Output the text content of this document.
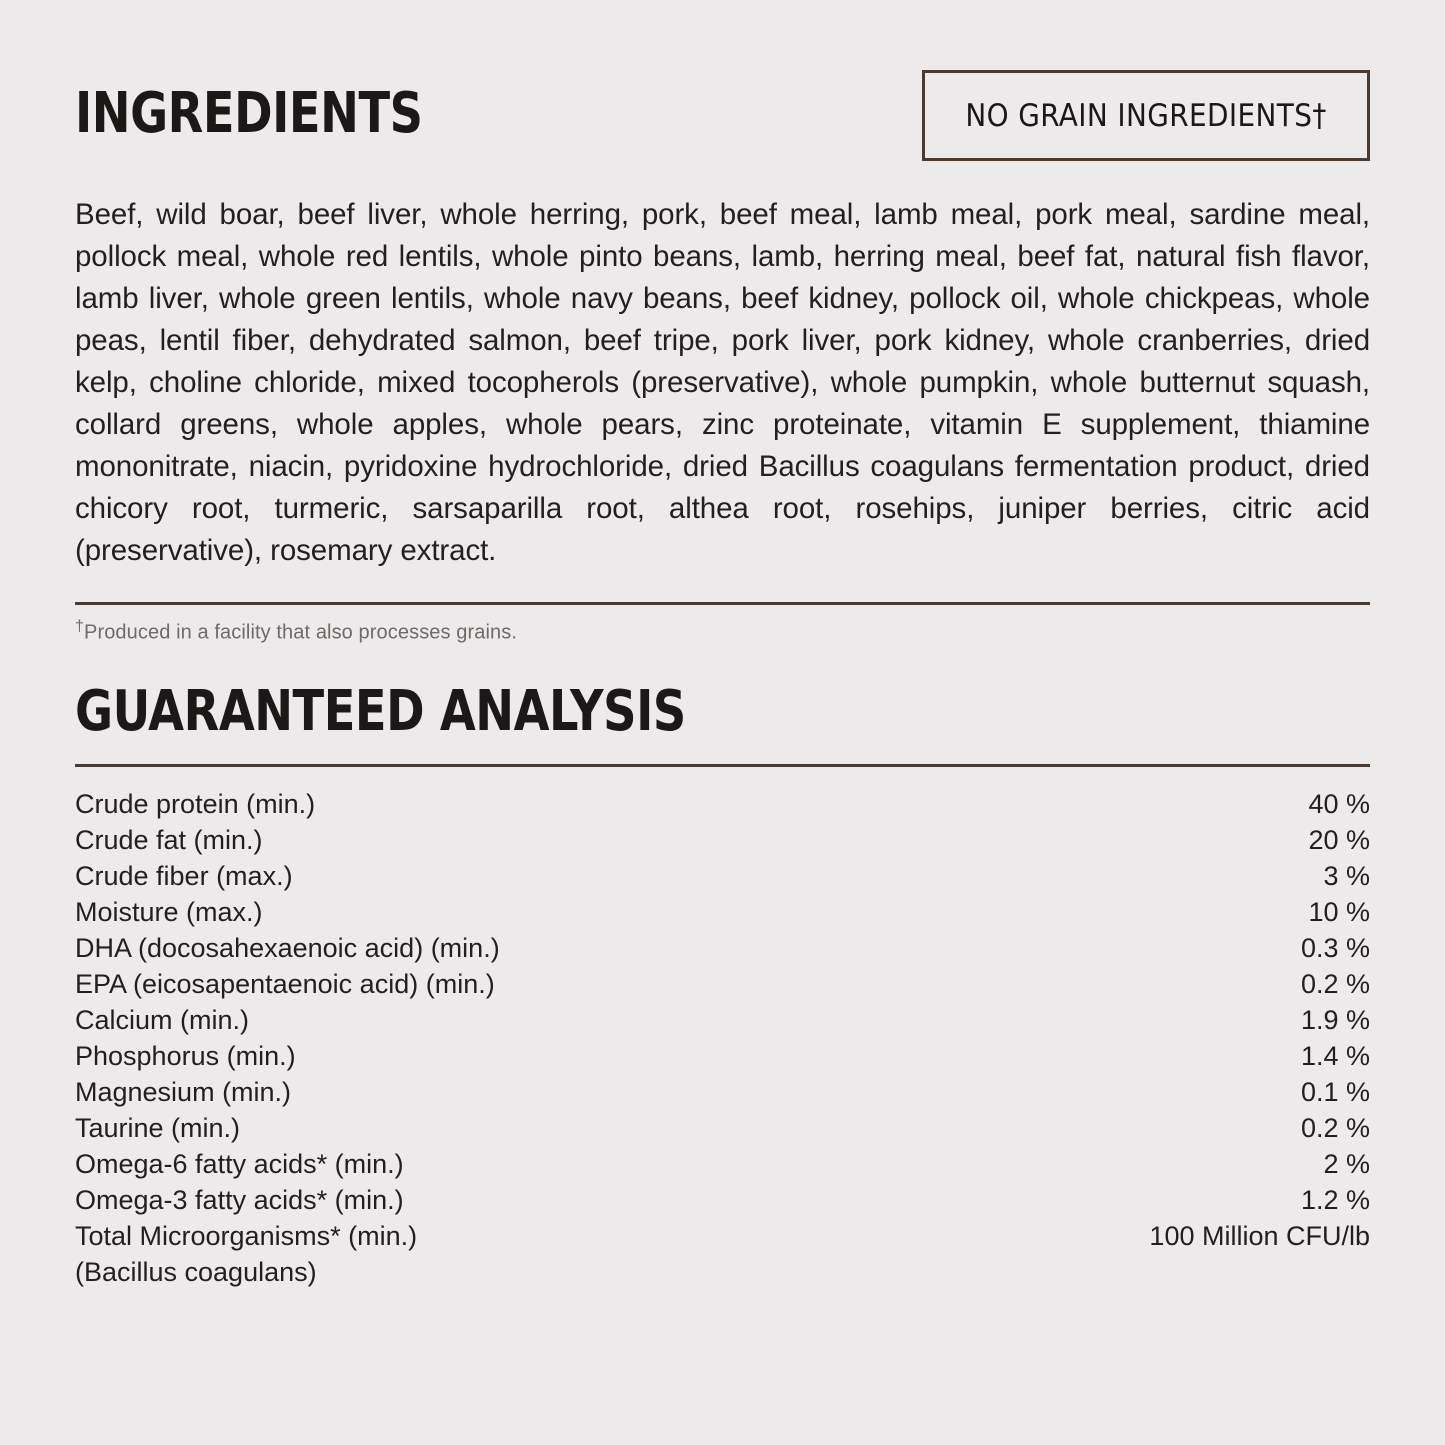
INGREDIENTS	NO GRAIN INGREDIENTS†

Beef, wild boar, beef liver, whole herring, pork, beef meal, lamb meal, pork meal, sardine meal, pollock meal, whole red lentils, whole pinto beans, lamb, herring meal, beef fat, natural fish flavor, lamb liver, whole green lentils, whole navy beans, beef kidney, pollock oil, whole chickpeas, whole peas, lentil fiber, dehydrated salmon, beef tripe, pork liver, pork kidney, whole cranberries, dried kelp, choline chloride, mixed tocopherols (preservative), whole pumpkin, whole butternut squash, collard greens, whole apples, whole pears, zinc proteinate, vitamin E supplement, thiamine mononitrate, niacin, pyridoxine hydrochloride, dried Bacillus coagulans fermentation product, dried chicory root, turmeric, sarsaparilla root, althea root, rosehips, juniper berries, citric acid (preservative), rosemary extract.

†Produced in a facility that also processes grains.
GUARANTEED ANALYSIS
Crude protein (min.)	40 %
Crude fat (min.)	20 %
Crude fiber (max.)	3 %
Moisture (max.)	10 %
DHA (docosahexaenoic acid) (min.)	0.3 %
EPA (eicosapentaenoic acid) (min.)	0.2 %
Calcium (min.)	1.9 %
Phosphorus (min.)	1.4 %
Magnesium (min.)	0.1 %
Taurine (min.)	0.2 %
Omega-6 fatty acids* (min.)	2 %
Omega-3 fatty acids* (min.)	1.2 %
Total Microorganisms* (min.)	100 Million CFU/lb
(Bacillus coagulans)
